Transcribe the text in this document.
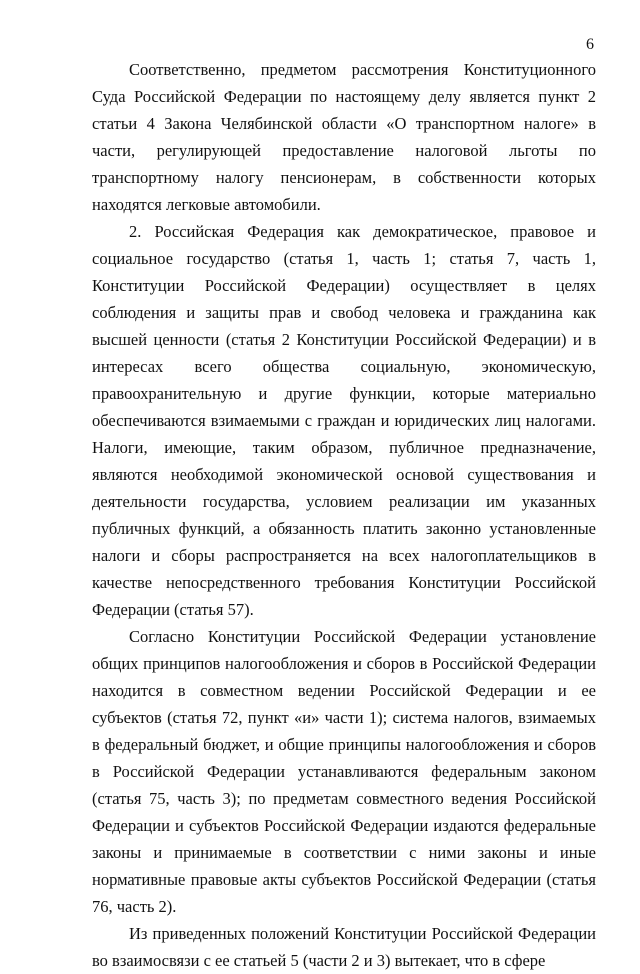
6

Соответственно, предметом рассмотрения Конституционного Суда Российской Федерации по настоящему делу является пункт 2 статьи 4 Закона Челябинской области «О транспортном налоге» в части, регулирующей предоставление налоговой льготы по транспортному налогу пенсионерам, в собственности которых находятся легковые автомобили.

2. Российская Федерация как демократическое, правовое и социальное государство (статья 1, часть 1; статья 7, часть 1, Конституции Российской Федерации) осуществляет в целях соблюдения и защиты прав и свобод человека и гражданина как высшей ценности (статья 2 Конституции Российской Федерации) и в интересах всего общества социальную, экономическую, правоохранительную и другие функции, которые материально обеспечиваются взимаемыми с граждан и юридических лиц налогами. Налоги, имеющие, таким образом, публичное предназначение, являются необходимой экономической основой существования и деятельности государства, условием реализации им указанных публичных функций, а обязанность платить законно установленные налоги и сборы распространяется на всех налогоплательщиков в качестве непосредственного требования Конституции Российской Федерации (статья 57).

Согласно Конституции Российской Федерации установление общих принципов налогообложения и сборов в Российской Федерации находится в совместном ведении Российской Федерации и ее субъектов (статья 72, пункт «и» части 1); система налогов, взимаемых в федеральный бюджет, и общие принципы налогообложения и сборов в Российской Федерации устанавливаются федеральным законом (статья 75, часть 3); по предметам совместного ведения Российской Федерации и субъектов Российской Федерации издаются федеральные законы и принимаемые в соответствии с ними законы и иные нормативные правовые акты субъектов Российской Федерации (статья 76, часть 2).

Из приведенных положений Конституции Российской Федерации во взаимосвязи с ее статьей 5 (части 2 и 3) вытекает, что в сфере
